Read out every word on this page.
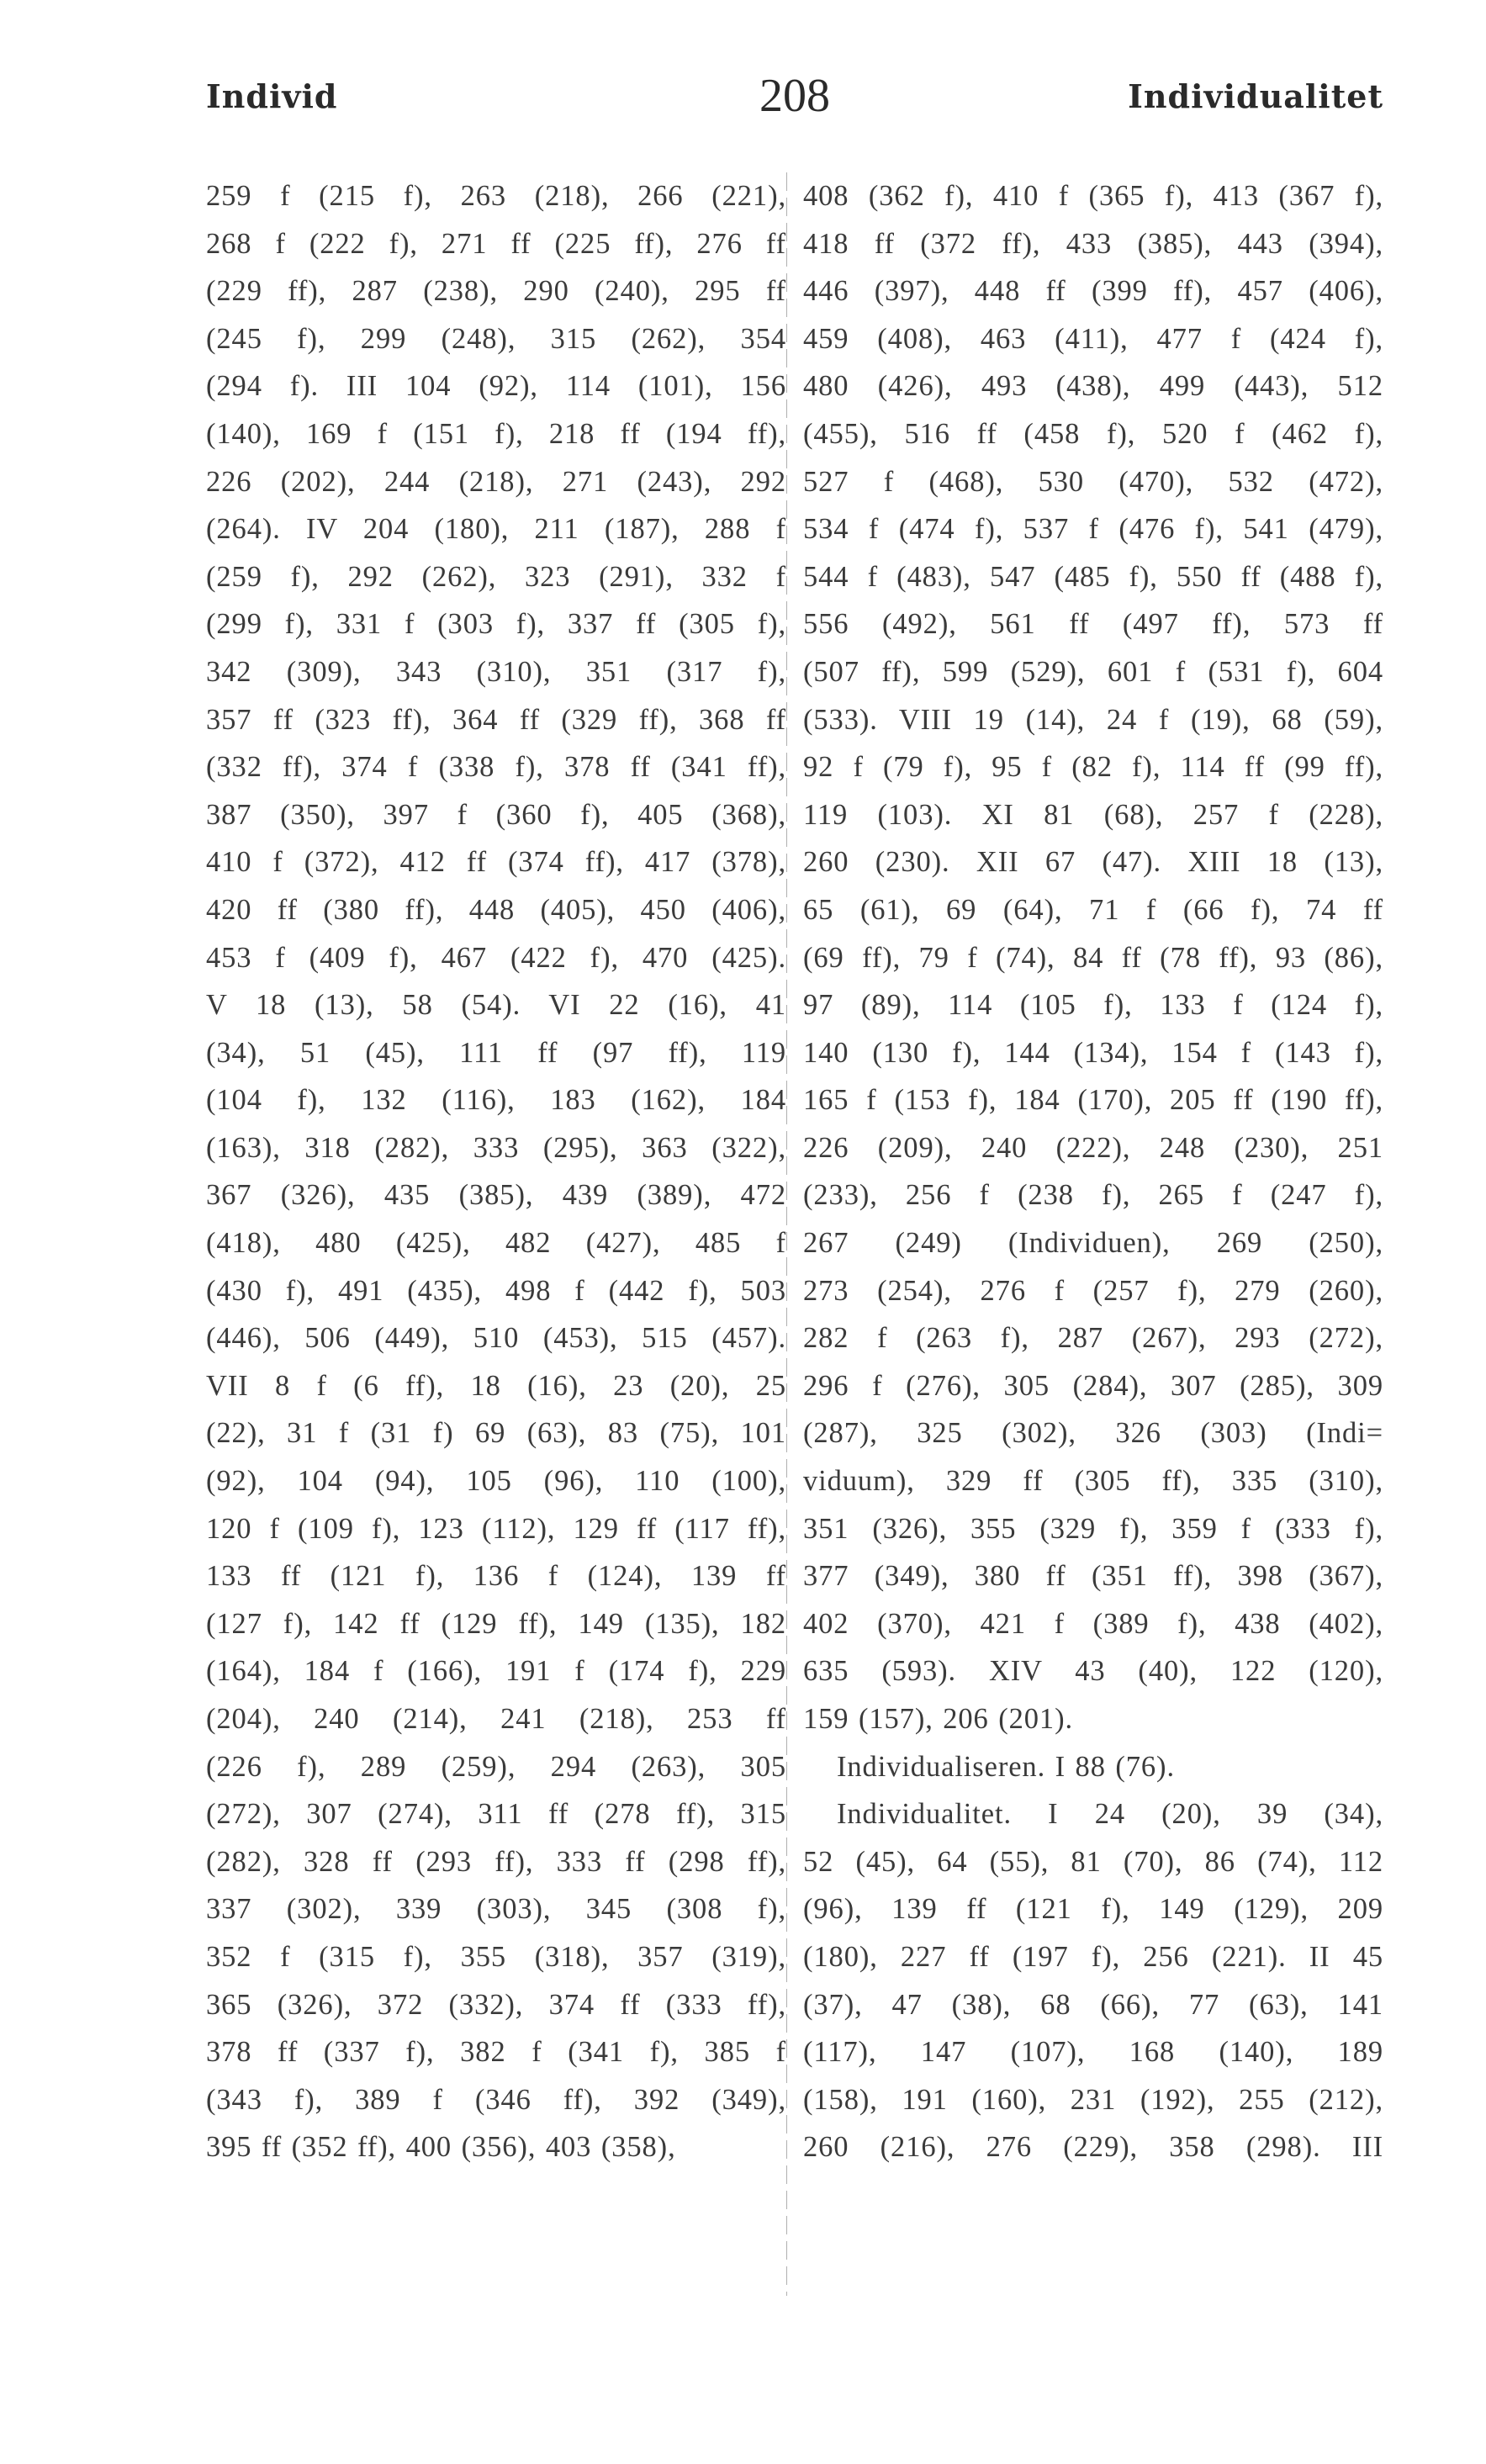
Individ	208	Individualitet
259 f (215 f), 263 (218), 266 (221),
268 f (222 f), 271 ff (225 ff), 276 ff
(229 ff), 287 (238), 290 (240), 295 ff
(245 f), 299 (248), 315 (262), 354
(294 f). III 104 (92), 114 (101), 156
(140), 169 f (151 f), 218 ff (194 ff),
226 (202), 244 (218), 271 (243), 292
(264). IV 204 (180), 211 (187), 288 f
(259 f), 292 (262), 323 (291), 332 f
(299 f), 331 f (303 f), 337 ff (305 f),
342 (309), 343 (310), 351 (317 f),
357 ff (323 ff), 364 ff (329 ff), 368 ff
(332 ff), 374 f (338 f), 378 ff (341 ff),
387 (350), 397 f (360 f), 405 (368),
410 f (372), 412 ff (374 ff), 417 (378),
420 ff (380 ff), 448 (405), 450 (406),
453 f (409 f), 467 (422 f), 470 (425).
V 18 (13), 58 (54). VI 22 (16), 41
(34), 51 (45), 111 ff (97 ff), 119
(104 f), 132 (116), 183 (162), 184
(163), 318 (282), 333 (295), 363 (322),
367 (326), 435 (385), 439 (389), 472
(418), 480 (425), 482 (427), 485 f
(430 f), 491 (435), 498 f (442 f), 503
(446), 506 (449), 510 (453), 515 (457).
VII 8 f (6 ff), 18 (16), 23 (20), 25
(22), 31 f (31 f) 69 (63), 83 (75), 101
(92), 104 (94), 105 (96), 110 (100),
120 f (109 f), 123 (112), 129 ff (117 ff),
133 ff (121 f), 136 f (124), 139 ff
(127 f), 142 ff (129 ff), 149 (135), 182
(164), 184 f (166), 191 f (174 f), 229
(204), 240 (214), 241 (218), 253 ff
(226 f), 289 (259), 294 (263), 305
(272), 307 (274), 311 ff (278 ff), 315
(282), 328 ff (293 ff), 333 ff (298 ff),
337 (302), 339 (303), 345 (308 f),
352 f (315 f), 355 (318), 357 (319),
365 (326), 372 (332), 374 ff (333 ff),
378 ff (337 f), 382 f (341 f), 385 f
(343 f), 389 f (346 ff), 392 (349),
395 ff (352 ff), 400 (356), 403 (358),
408 (362 f), 410 f (365 f), 413 (367 f),
418 ff (372 ff), 433 (385), 443 (394),
446 (397), 448 ff (399 ff), 457 (406),
459 (408), 463 (411), 477 f (424 f),
480 (426), 493 (438), 499 (443), 512
(455), 516 ff (458 f), 520 f (462 f),
527 f (468), 530 (470), 532 (472),
534 f (474 f), 537 f (476 f), 541 (479),
544 f (483), 547 (485 f), 550 ff (488 f),
556 (492), 561 ff (497 ff), 573 ff
(507 ff), 599 (529), 601 f (531 f), 604
(533). VIII 19 (14), 24 f (19), 68 (59),
92 f (79 f), 95 f (82 f), 114 ff (99 ff),
119 (103). XI 81 (68), 257 f (228),
260 (230). XII 67 (47). XIII 18 (13),
65 (61), 69 (64), 71 f (66 f), 74 ff
(69 ff), 79 f (74), 84 ff (78 ff), 93 (86),
97 (89), 114 (105 f), 133 f (124 f),
140 (130 f), 144 (134), 154 f (143 f),
165 f (153 f), 184 (170), 205 ff (190 ff),
226 (209), 240 (222), 248 (230), 251
(233), 256 f (238 f), 265 f (247 f),
267 (249) (Individuen), 269 (250),
273 (254), 276 f (257 f), 279 (260),
282 f (263 f), 287 (267), 293 (272),
296 f (276), 305 (284), 307 (285), 309
(287), 325 (302), 326 (303) (Indi=
viduum), 329 ff (305 ff), 335 (310),
351 (326), 355 (329 f), 359 f (333 f),
377 (349), 380 ff (351 ff), 398 (367),
402 (370), 421 f (389 f), 438 (402),
635 (593). XIV 43 (40), 122 (120),
159 (157), 206 (201).
Individualiseren. I 88 (76).
Individualitet. I 24 (20), 39 (34),
52 (45), 64 (55), 81 (70), 86 (74), 112
(96), 139 ff (121 f), 149 (129), 209
(180), 227 ff (197 f), 256 (221). II 45
(37), 47 (38), 68 (66), 77 (63), 141
(117), 147 (107), 168 (140), 189
(158), 191 (160), 231 (192), 255 (212),
260 (216), 276 (229), 358 (298). III
